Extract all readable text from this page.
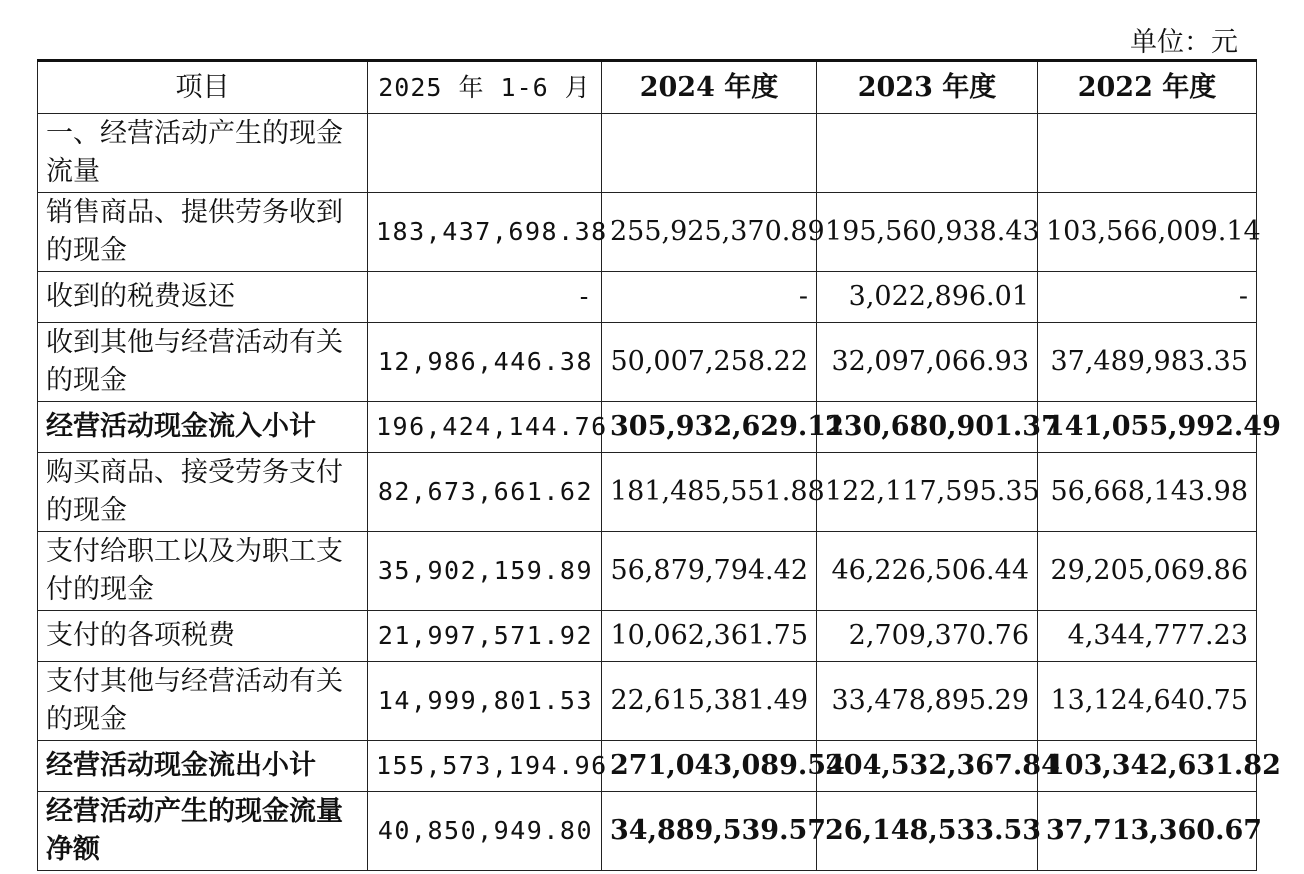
单位：元
项目	2025 年 1-6 月	2024 年度	2023 年度	2022 年度
一、经营活动产生的现金流量				
销售商品、提供劳务收到的现金	183,437,698.38	255,925,370.89	195,560,938.43	103,566,009.14
收到的税费返还	-	-	3,022,896.01	-
收到其他与经营活动有关的现金	12,986,446.38	50,007,258.22	32,097,066.93	37,489,983.35
经营活动现金流入小计	196,424,144.76	305,932,629.11	230,680,901.37	141,055,992.49
购买商品、接受劳务支付的现金	82,673,661.62	181,485,551.88	122,117,595.35	56,668,143.98
支付给职工以及为职工支付的现金	35,902,159.89	56,879,794.42	46,226,506.44	29,205,069.86
支付的各项税费	21,997,571.92	10,062,361.75	2,709,370.76	4,344,777.23
支付其他与经营活动有关的现金	14,999,801.53	22,615,381.49	33,478,895.29	13,124,640.75
经营活动现金流出小计	155,573,194.96	271,043,089.54	204,532,367.84	103,342,631.82
经营活动产生的现金流量净额	40,850,949.80	34,889,539.57	26,148,533.53	37,713,360.67
